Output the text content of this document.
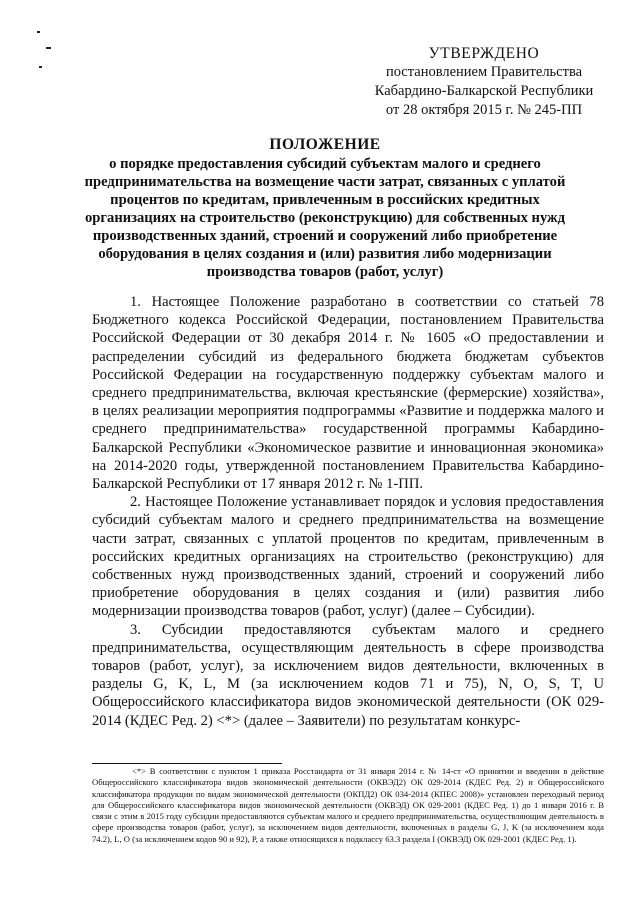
УТВЕРЖДЕНО
постановлением Правительства
Кабардино-Балкарской Республики
от 28 октября 2015 г. № 245-ПП
ПОЛОЖЕНИЕ
о порядке предоставления субсидий субъектам малого и среднего предпринимательства на возмещение части затрат, связанных с уплатой процентов по кредитам, привлеченным в российских кредитных организациях на строительство (реконструкцию) для собственных нужд производственных зданий, строений и сооружений либо приобретение оборудования в целях создания и (или) развития либо модернизации производства товаров (работ, услуг)

1. Настоящее Положение разработано в соответствии со статьей 78 Бюджетного кодекса Российской Федерации, постановлением Правительства Российской Федерации от 30 декабря 2014 г. № 1605 «О предоставлении и распределении субсидий из федерального бюджета бюджетам субъектов Российской Федерации на государственную поддержку субъектам малого и среднего предпринимательства, включая крестьянские (фермерские) хозяйства», в целях реализации мероприятия подпрограммы «Развитие и поддержка малого и среднего предпринимательства» государственной программы Кабардино-Балкарской Республики «Экономическое развитие и инновационная экономика» на 2014-2020 годы, утвержденной постановлением Правительства Кабардино-Балкарской Республики от 17 января 2012 г. № 1-ПП.

2. Настоящее Положение устанавливает порядок и условия предоставления субсидий субъектам малого и среднего предпринимательства на возмещение части затрат, связанных с уплатой процентов по кредитам, привлеченным в российских кредитных организациях на строительство (реконструкцию) для собственных нужд производственных зданий, строений и сооружений либо приобретение оборудования в целях создания и (или) развития либо модернизации производства товаров (работ, услуг) (далее – Субсидии).

3. Субсидии предоставляются субъектам малого и среднего предпринимательства, осуществляющим деятельность в сфере производства товаров (работ, услуг), за исключением видов деятельности, включенных в разделы G, K, L, M (за исключением кодов 71 и 75), N, O, S, T, U Общероссийского классификатора видов экономической деятельности (ОК 029-2014 (КДЕС Ред. 2) <*> (далее – Заявители) по результатам конкурс-

<*> В соответствии с пунктом 1 приказа Росстандарта от 31 января 2014 г. № 14-ст «О принятии и введении в действие Общероссийского классификатора видов экономической деятельности (ОКВЭД2) ОК 029-2014 (КДЕС Ред. 2) и Общероссийского классификатора продукции по видам экономической деятельности (ОКПД2) ОК 034-2014 (КПЕС 2008)» установлен переходный период для Общероссийского классификатора видов экономической деятельности (ОКВЭД) ОК 029-2001 (КДЕС Ред. 1) до 1 января 2016 г. В связи с этим в 2015 году субсидии предоставляются субъектам малого и среднего предпринимательства, осуществляющим деятельность в сфере производства товаров (работ, услуг), за исключением видов деятельности, включенных в разделы G, J, K (за исключением кода 74.2), L, O (за исключением кодов 90 и 92), P, а также относящихся к подклассу 63.3 раздела I (ОКВЭД) ОК 029-2001 (КДЕС Ред. 1).
